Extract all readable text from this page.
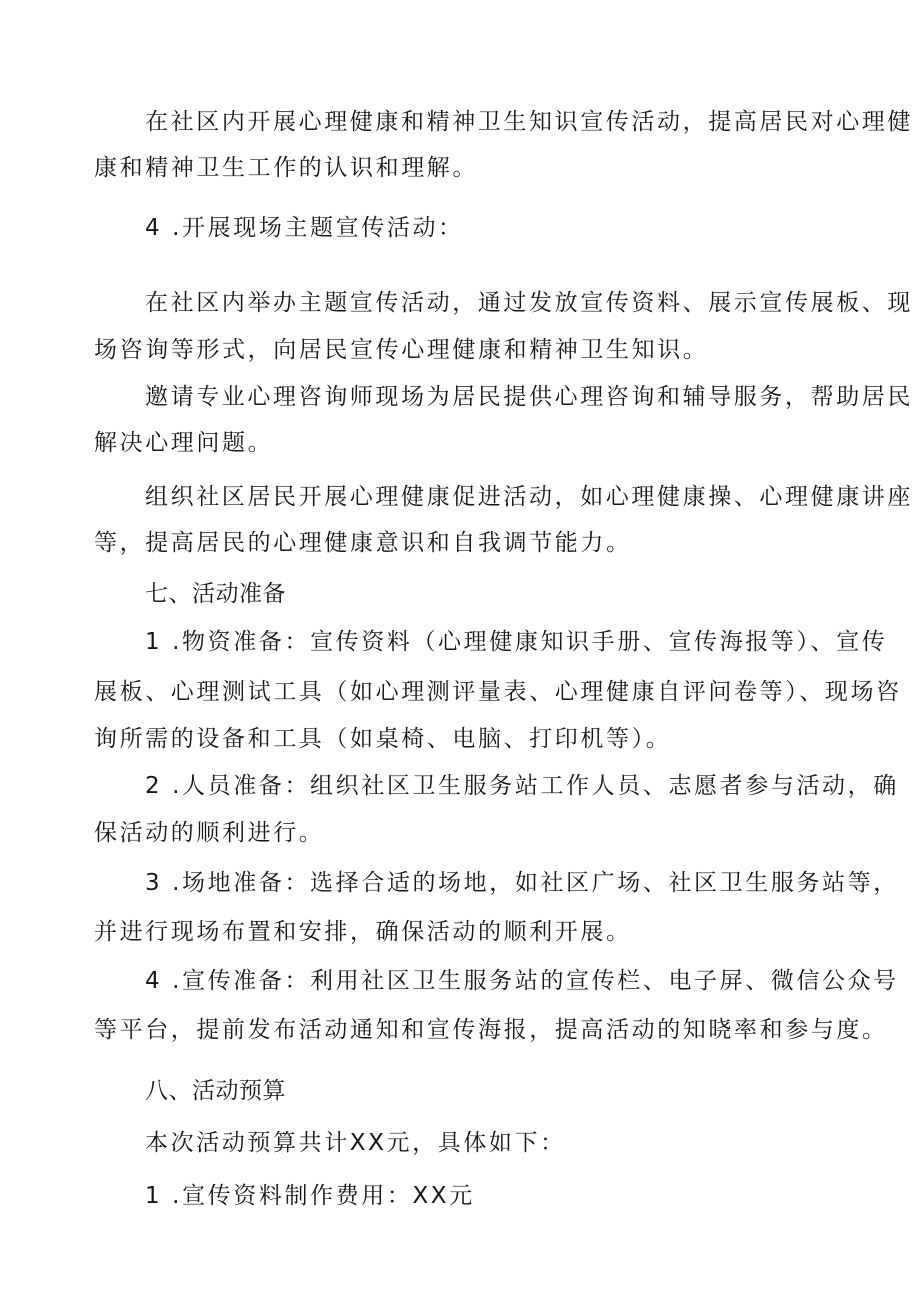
在社区内开展心理健康和精神卫生知识宣传活动，提高居民对心理健
康和精神卫生工作的认识和理解。
4 .开展现场主题宣传活动：
在社区内举办主题宣传活动，通过发放宣传资料、展示宣传展板、现
场咨询等形式，向居民宣传心理健康和精神卫生知识。
邀请专业心理咨询师现场为居民提供心理咨询和辅导服务，帮助居民
解决心理问题。
组织社区居民开展心理健康促进活动，如心理健康操、心理健康讲座
等，提高居民的心理健康意识和自我调节能力。
七、活动准备
1 .物资准备：宣传资料（心理健康知识手册、宣传海报等）、宣传
展板、心理测试工具（如心理测评量表、心理健康自评问卷等）、现场咨
询所需的设备和工具（如桌椅、电脑、打印机等）。
2 .人员准备：组织社区卫生服务站工作人员、志愿者参与活动，确
保活动的顺利进行。
3 .场地准备：选择合适的场地，如社区广场、社区卫生服务站等，
并进行现场布置和安排，确保活动的顺利开展。
4 .宣传准备：利用社区卫生服务站的宣传栏、电子屏、微信公众号
等平台，提前发布活动通知和宣传海报，提高活动的知晓率和参与度。
八、活动预算
本次活动预算共计XX元，具体如下：
1 .宣传资料制作费用：XX元
